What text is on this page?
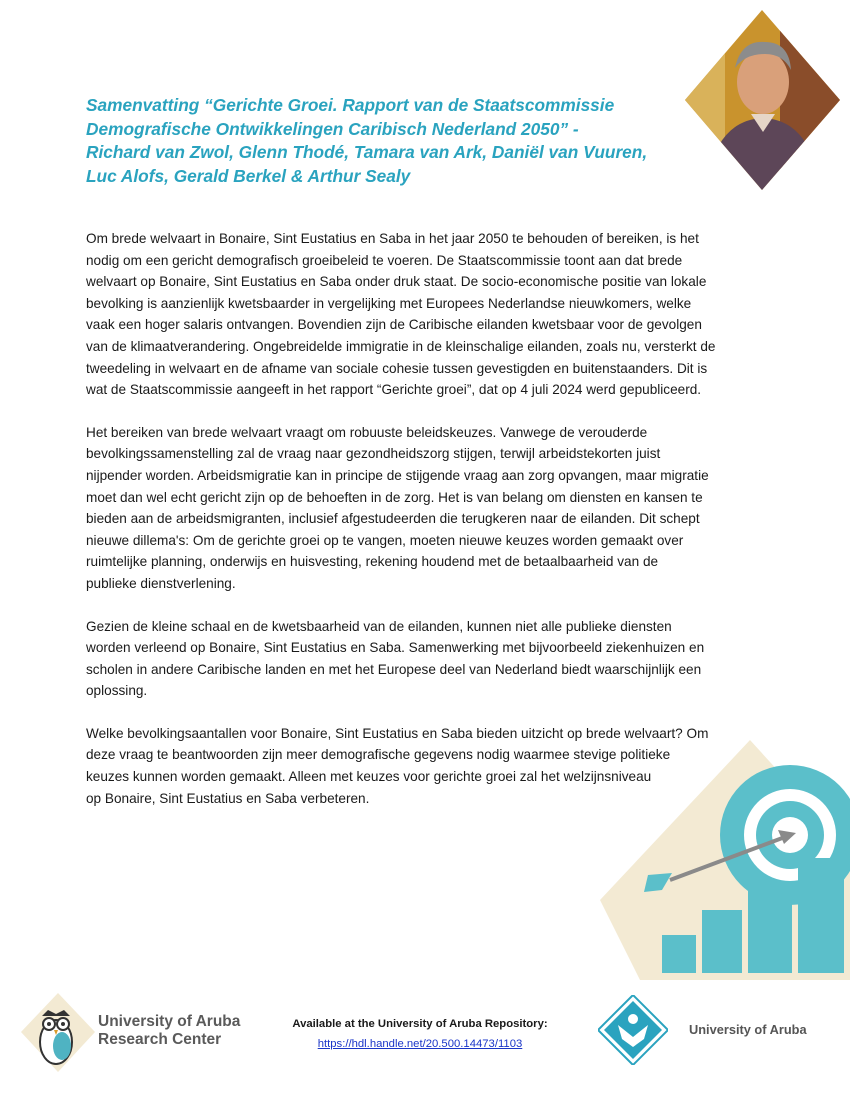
Samenvatting “Gerichte Groei. Rapport van de Staatscommissie
Demografische Ontwikkelingen Caribisch Nederland 2050” -
Richard van Zwol, Glenn Thodé, Tamara van Ark, Daniël van Vuuren,
Luc Alofs, Gerald Berkel & Arthur Sealy

Om brede welvaart in Bonaire, Sint Eustatius en Saba in het jaar 2050 te behouden of bereiken, is het
nodig om een gericht demografisch groeibeleid te voeren. De Staatscommissie toont aan dat brede
welvaart op Bonaire, Sint Eustatius en Saba onder druk staat. De socio-economische positie van lokale
bevolking is aanzienlijk kwetsbaarder in vergelijking met Europees Nederlandse nieuwkomers, welke
vaak een hoger salaris ontvangen. Bovendien zijn de Caribische eilanden kwetsbaar voor de gevolgen
van de klimaatverandering. Ongebreidelde immigratie in de kleinschalige eilanden, zoals nu, versterkt de
tweedeling in welvaart en de afname van sociale cohesie tussen gevestigden en buitenstaanders. Dit is
wat de Staatscommissie aangeeft in het rapport “Gerichte groei”, dat op 4 juli 2024 werd gepubliceerd.

Het bereiken van brede welvaart vraagt om robuuste beleidskeuzes. Vanwege de verouderde
bevolkingssamenstelling zal de vraag naar gezondheidszorg stijgen, terwijl arbeidstekorten juist
nijpender worden. Arbeidsmigratie kan in principe de stijgende vraag aan zorg opvangen, maar migratie
moet dan wel echt gericht zijn op de behoeften in de zorg. Het is van belang om diensten en kansen te
bieden aan de arbeidsmigranten, inclusief afgestudeerden die terugkeren naar de eilanden. Dit schept
nieuwe dillema's: Om de gerichte groei op te vangen, moeten nieuwe keuzes worden gemaakt over
ruimtelijke planning, onderwijs en huisvesting, rekening houdend met de betaalbaarheid van de
publieke dienstverlening.

Gezien de kleine schaal en de kwetsbaarheid van de eilanden, kunnen niet alle publieke diensten
worden verleend op Bonaire, Sint Eustatius en Saba. Samenwerking met bijvoorbeeld ziekenhuizen en
scholen in andere Caribische landen en met het Europese deel van Nederland biedt waarschijnlijk een
oplossing.

Welke bevolkingsaantallen voor Bonaire, Sint Eustatius en Saba bieden uitzicht op brede welvaart? Om
deze vraag te beantwoorden zijn meer demografische gegevens nodig waarmee stevige politieke
keuzes kunnen worden gemaakt. Alleen met keuzes voor gerichte groei zal het welzijnsniveau
op Bonaire, Sint Eustatius en Saba verbeteren.

University of Aruba
Research Center
Available at the University of Aruba Repository:
https://hdl.handle.net/20.500.14473/1103
University of Aruba
